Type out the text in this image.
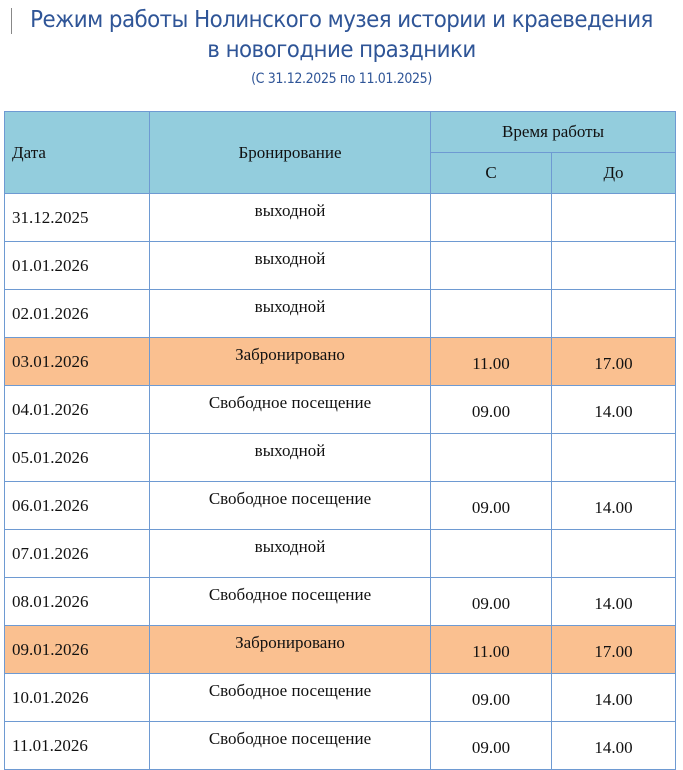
Режим работы Нолинского музея истории и краеведения
в новогодние праздники
(С 31.12.2025 по 11.01.2025)
Дата	Бронирование	Время работы	
		С	До
31.12.2025	выходной		
01.01.2026	выходной		
02.01.2026	выходной		
03.01.2026	Забронировано	11.00	17.00
04.01.2026	Свободное посещение	09.00	14.00
05.01.2026	выходной		
06.01.2026	Свободное посещение	09.00	14.00
07.01.2026	выходной		
08.01.2026	Свободное посещение	09.00	14.00
09.01.2026	Забронировано	11.00	17.00
10.01.2026	Свободное посещение	09.00	14.00
11.01.2026	Свободное посещение	09.00	14.00
